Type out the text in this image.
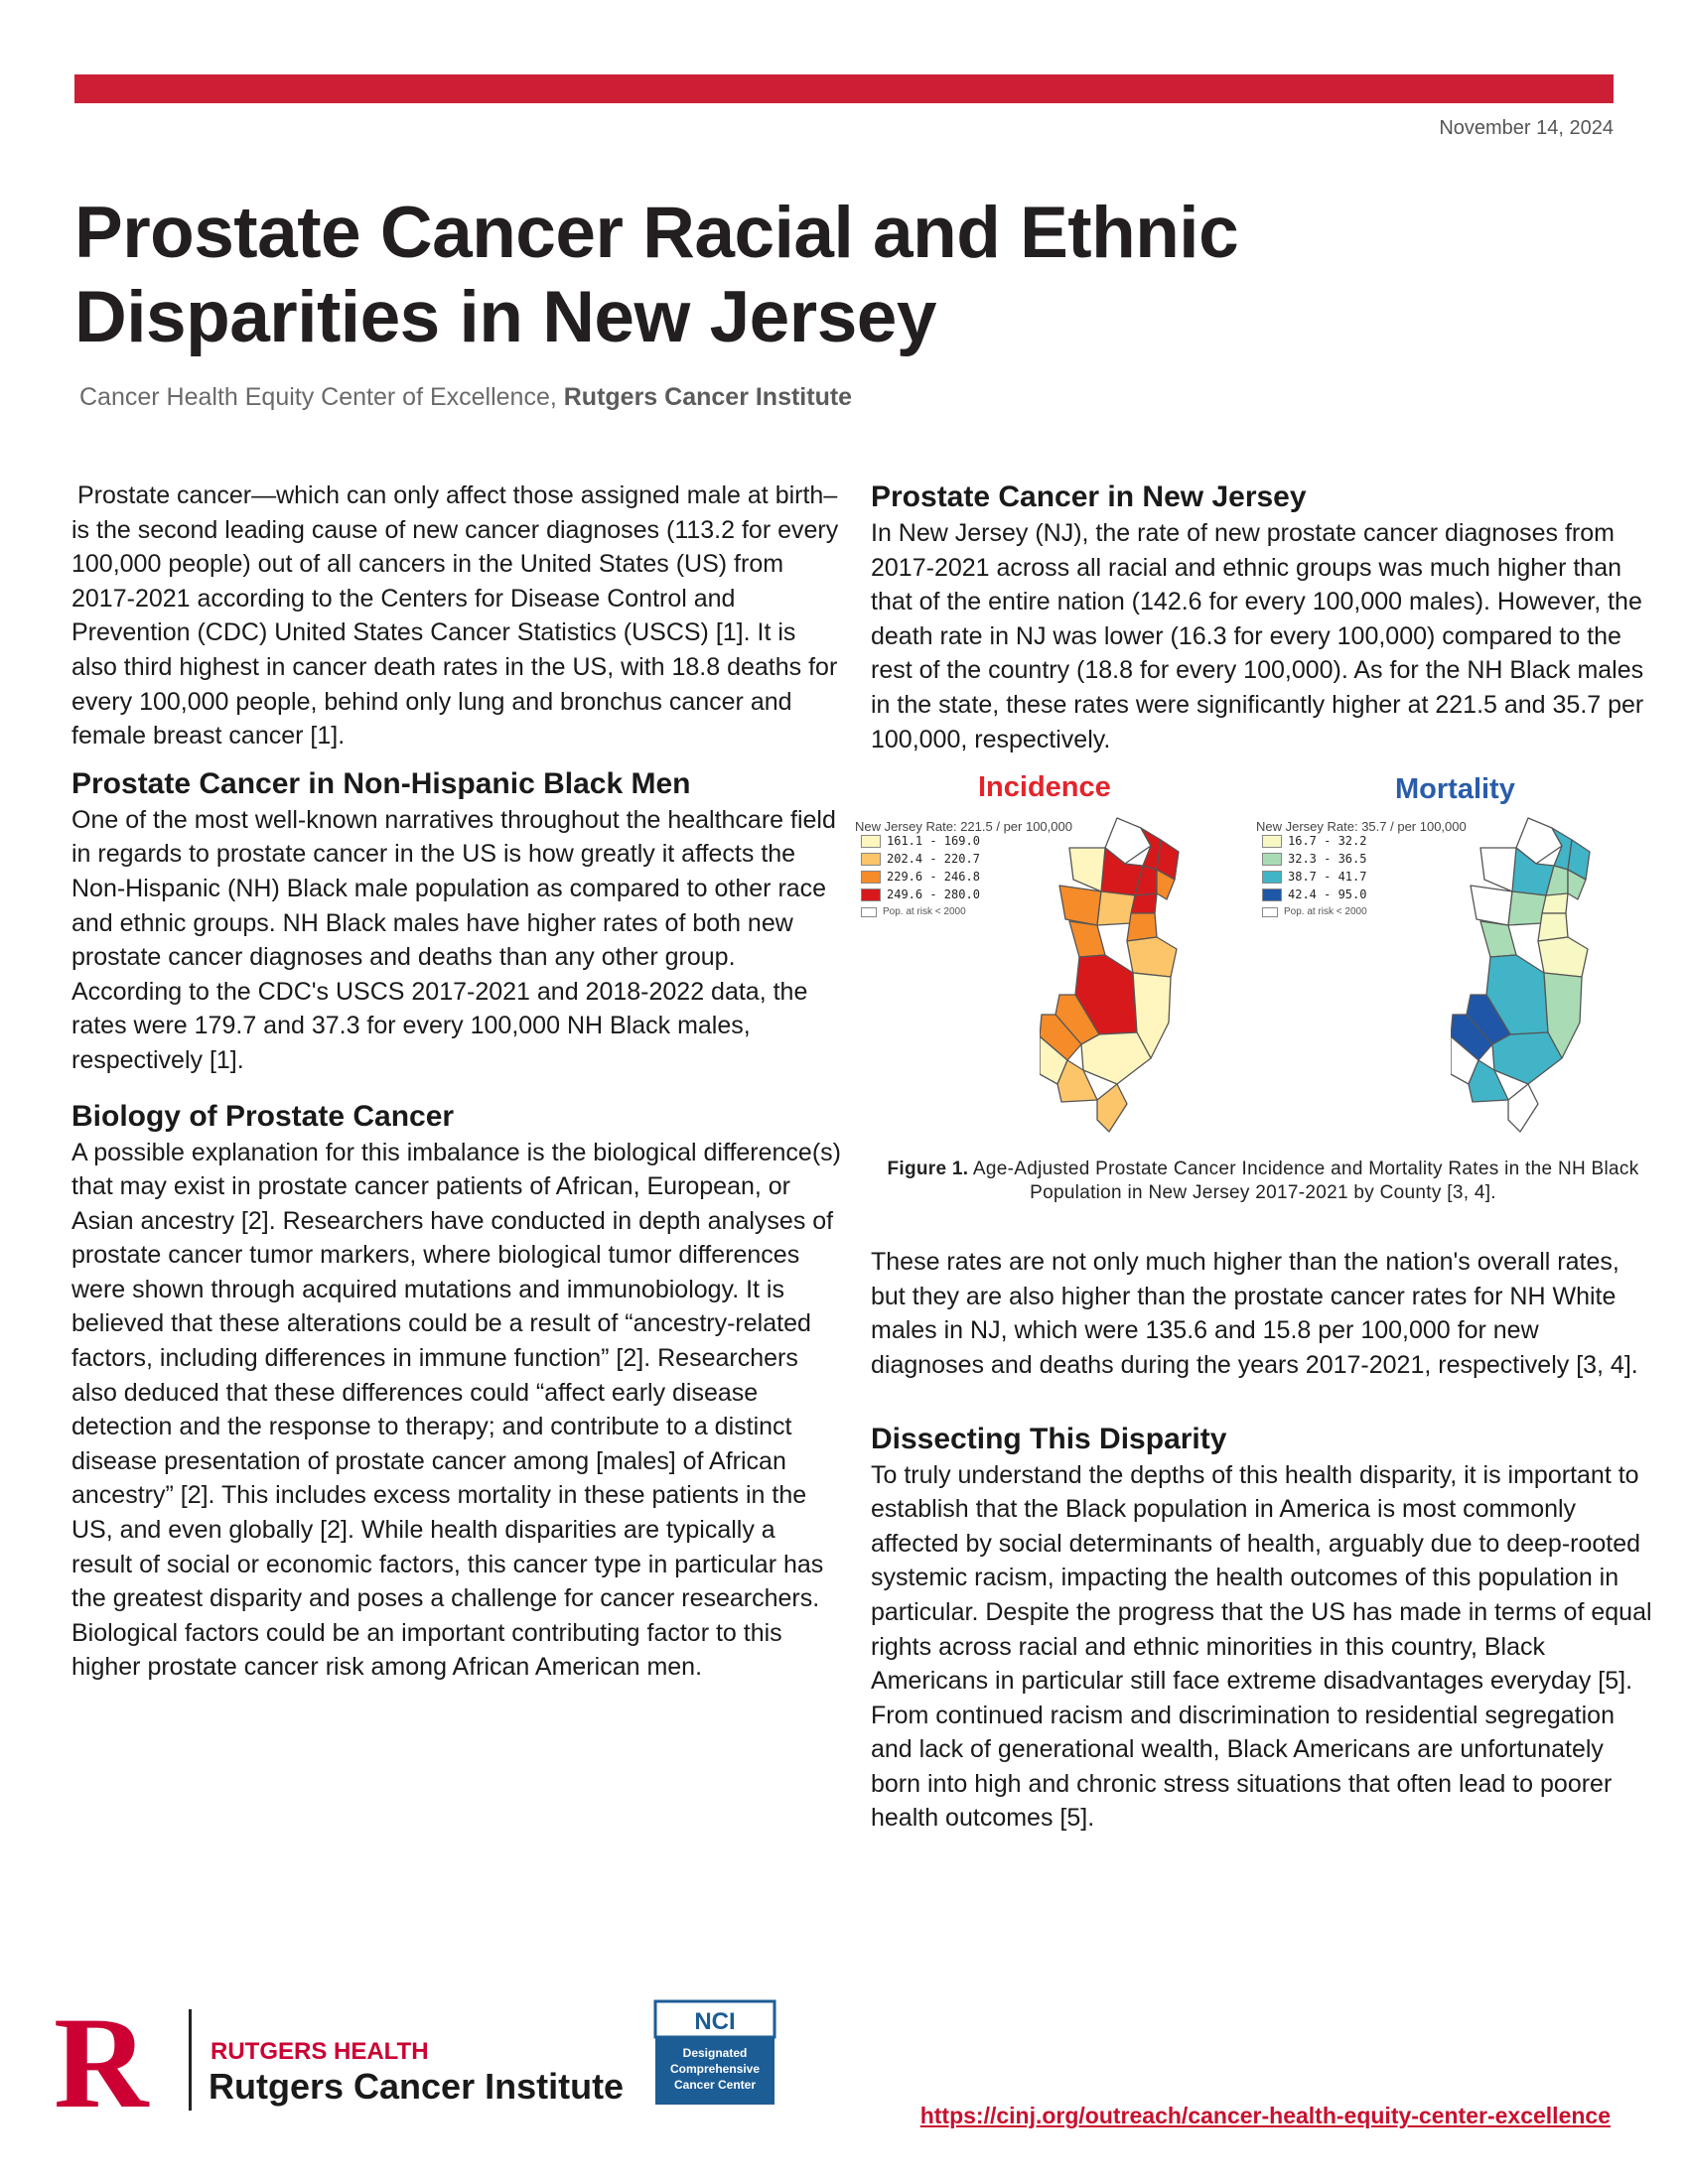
November 14, 2024
Prostate Cancer Racial and Ethnic
Disparities in New Jersey
Cancer Health Equity Center of Excellence, Rutgers Cancer Institute

Prostate cancer—which can only affect those assigned male at birth–is the second leading cause of new cancer diagnoses (113.2 for every 100,000 people) out of all cancers in the United States (US) from 2017-2021 according to the Centers for Disease Control and Prevention (CDC) United States Cancer Statistics (USCS) [1]. It is also third highest in cancer death rates in the US, with 18.8 deaths for every 100,000 people, behind only lung and bronchus cancer and female breast cancer [1].

Prostate Cancer in Non-Hispanic Black Men

One of the most well-known narratives throughout the healthcare field in regards to prostate cancer in the US is how greatly it affects the Non-Hispanic (NH) Black male population as compared to other race and ethnic groups. NH Black males have higher rates of both new prostate cancer diagnoses and deaths than any other group. According to the CDC's USCS 2017-2021 and 2018-2022 data, the rates were 179.7 and 37.3 for every 100,000 NH Black males, respectively [1].

Biology of Prostate Cancer

A possible explanation for this imbalance is the biological difference(s) that may exist in prostate cancer patients of African, European, or Asian ancestry [2]. Researchers have conducted in depth analyses of prostate cancer tumor markers, where biological tumor differences were shown through acquired mutations and immunobiology. It is believed that these alterations could be a result of “ancestry-related factors, including differences in immune function” [2]. Researchers also deduced that these differences could “affect early disease detection and the response to therapy; and contribute to a distinct disease presentation of prostate cancer among [males] of African ancestry” [2]. This includes excess mortality in these patients in the US, and even globally [2]. While health disparities are typically a result of social or economic factors, this cancer type in particular has the greatest disparity and poses a challenge for cancer researchers. Biological factors could be an important contributing factor to this higher prostate cancer risk among African American men.

Prostate Cancer in New Jersey

In New Jersey (NJ), the rate of new prostate cancer diagnoses from 2017-2021 across all racial and ethnic groups was much higher than that of the entire nation (142.6 for every 100,000 males). However, the death rate in NJ was lower (16.3 for every 100,000) compared to the rest of the country (18.8 for every 100,000). As for the NH Black males in the state, these rates were significantly higher at 221.5 and 35.7 per 100,000, respectively.

Incidence
New Jersey Rate: 221.5 / per 100,000
161.1 - 169.0
202.4 - 220.7
229.6 - 246.8
249.6 - 280.0
Pop. at risk < 2000
Mortality
New Jersey Rate: 35.7 / per 100,000
16.7 - 32.2
32.3 - 36.5
38.7 - 41.7
42.4 - 95.0
Pop. at risk < 2000

Figure 1. Age-Adjusted Prostate Cancer Incidence and Mortality Rates in the NH Black Population in New Jersey 2017-2021 by County [3, 4].

These rates are not only much higher than the nation's overall rates, but they are also higher than the prostate cancer rates for NH White males in NJ, which were 135.6 and 15.8 per 100,000 for new diagnoses and deaths during the years 2017-2021, respectively [3, 4].

Dissecting This Disparity

To truly understand the depths of this health disparity, it is important to establish that the Black population in America is most commonly affected by social determinants of health, arguably due to deep-rooted systemic racism, impacting the health outcomes of this population in particular. Despite the progress that the US has made in terms of equal rights across racial and ethnic minorities in this country, Black Americans in particular still face extreme disadvantages everyday [5]. From continued racism and discrimination to residential segregation and lack of generational wealth, Black Americans are unfortunately born into high and chronic stress situations that often lead to poorer health outcomes [5].

R	RUTGERS HEALTH
Rutgers Cancer Institute
NCI
Designated
Comprehensive
Cancer Center
https://cinj.org/outreach/cancer-health-equity-center-excellence
